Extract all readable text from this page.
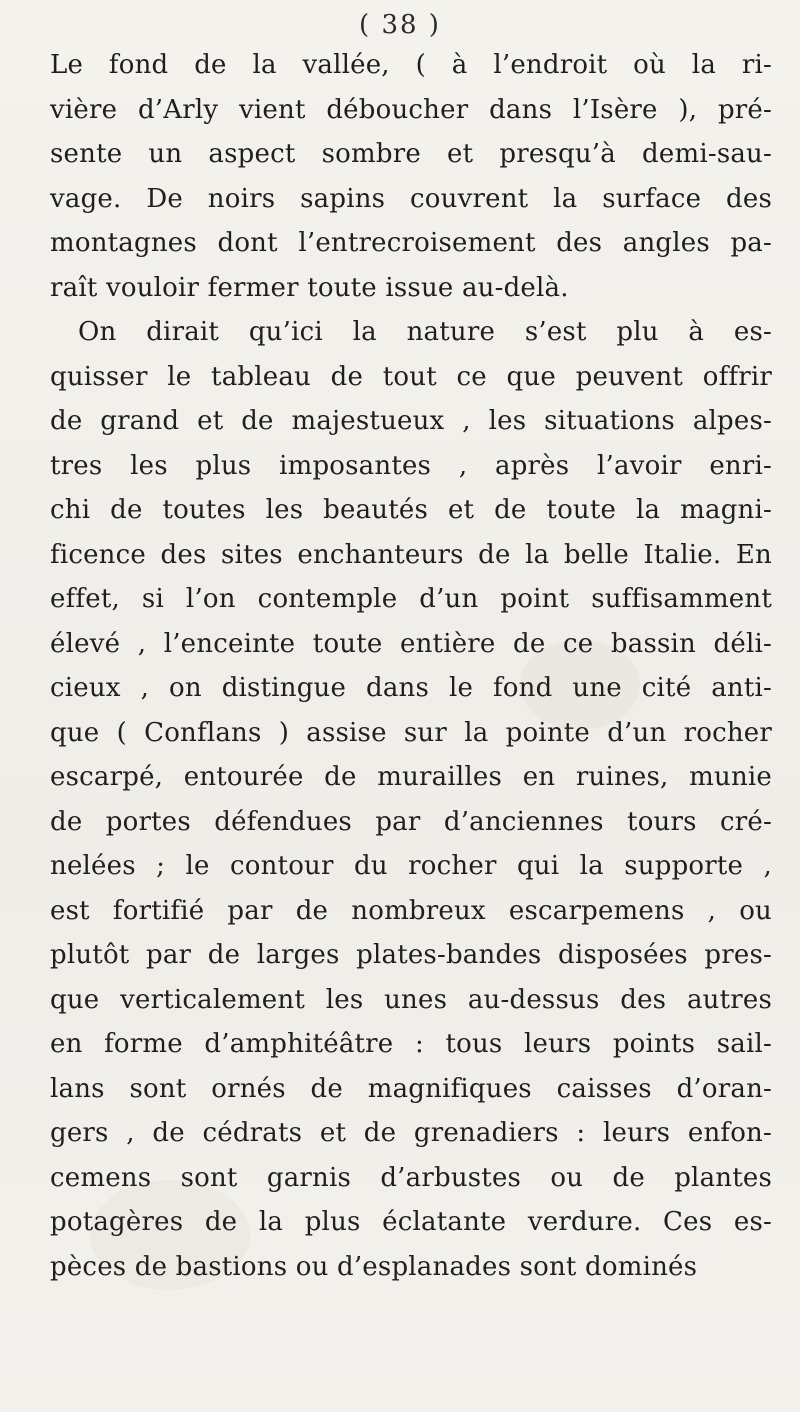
( 38 )
Le fond de la vallée, ( à l’endroit où la ri-
vière d’Arly vient déboucher dans l’Isère ), pré-
sente un aspect sombre et presqu’à demi-sau-
vage. De noirs sapins couvrent la surface des
montagnes dont l’entrecroisement des angles pa-
raît vouloir fermer toute issue au-delà.
On dirait qu’ici la nature s’est plu à es-
quisser le tableau de tout ce que peuvent offrir
de grand et de majestueux , les situations alpes-
tres les plus imposantes , après l’avoir enri-
chi de toutes les beautés et de toute la magni-
ficence des sites enchanteurs de la belle Italie. En
effet, si l’on contemple d’un point suffisamment
élevé , l’enceinte toute entière de ce bassin déli-
cieux , on distingue dans le fond une cité anti-
que ( Conflans ) assise sur la pointe d’un rocher
escarpé, entourée de murailles en ruines, munie
de portes défendues par d’anciennes tours cré-
nelées ; le contour du rocher qui la supporte ,
est fortifié par de nombreux escarpemens , ou
plutôt par de larges plates-bandes disposées pres-
que verticalement les unes au-dessus des autres
en forme d’amphitéâtre : tous leurs points sail-
lans sont ornés de magnifiques caisses d’oran-
gers , de cédrats et de grenadiers : leurs enfon-
cemens sont garnis d’arbustes ou de plantes
potagères de la plus éclatante verdure. Ces es-
pèces de bastions ou d’esplanades sont dominés
